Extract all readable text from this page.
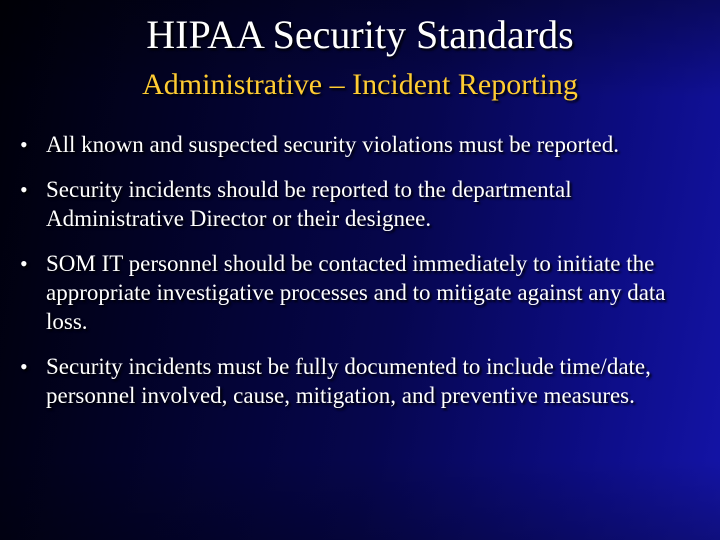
HIPAA Security Standards
Administrative – Incident Reporting
• All known and suspected security violations must be reported.
• Security incidents should be reported to the departmental Administrative Director or their designee.
• SOM IT personnel should be contacted immediately to initiate the appropriate investigative processes and to mitigate against any data loss.
• Security incidents must be fully documented to include time/date, personnel involved, cause, mitigation, and preventive measures.
